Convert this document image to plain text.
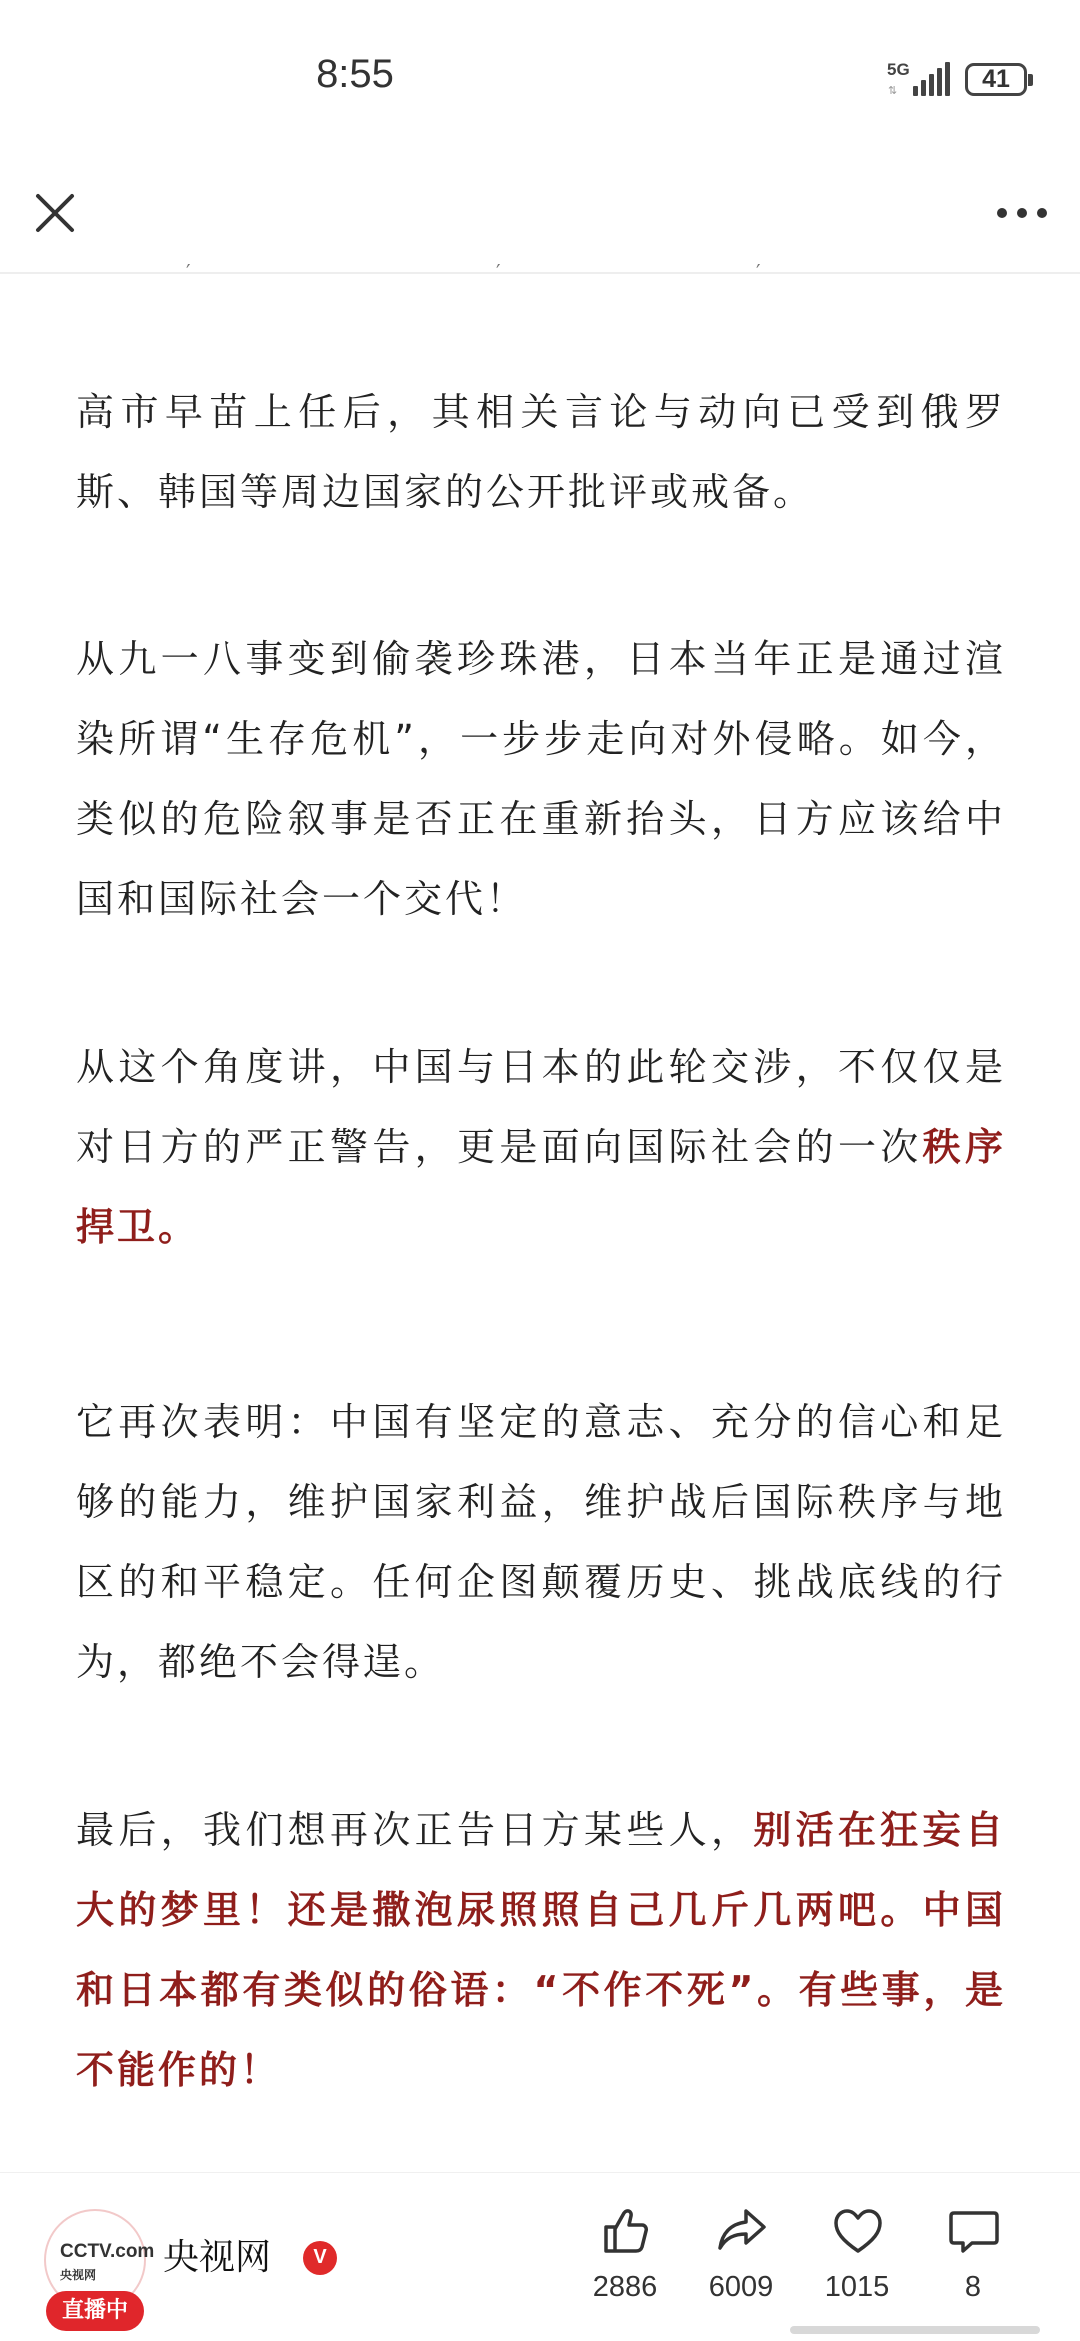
8:55	5G
⇅	41
′	′	′

高市早苗上任后，其相关言论与动向已受到俄罗斯、韩国等周边国家的公开批评或戒备。

从九一八事变到偷袭珍珠港，日本当年正是通过渲染所谓“生存危机”，一步步走向对外侵略。如今，类似的危险叙事是否正在重新抬头，日方应该给中国和国际社会一个交代！

从这个角度讲，中国与日本的此轮交涉，不仅仅是对日方的严正警告，更是面向国际社会的一次秩序捍卫。

它再次表明：中国有坚定的意志、充分的信心和足够的能力，维护国家利益，维护战后国际秩序与地区的和平稳定。任何企图颠覆历史、挑战底线的行为，都绝不会得逞。

最后，我们想再次正告日方某些人，别活在狂妄自大的梦里！还是撒泡尿照照自己几斤几两吧。中国和日本都有类似的俗语：“不作不死”。有些事，是不能作的！

CCTV.com
央视网
直播中
央视网	V
2886	6009	1015	8
